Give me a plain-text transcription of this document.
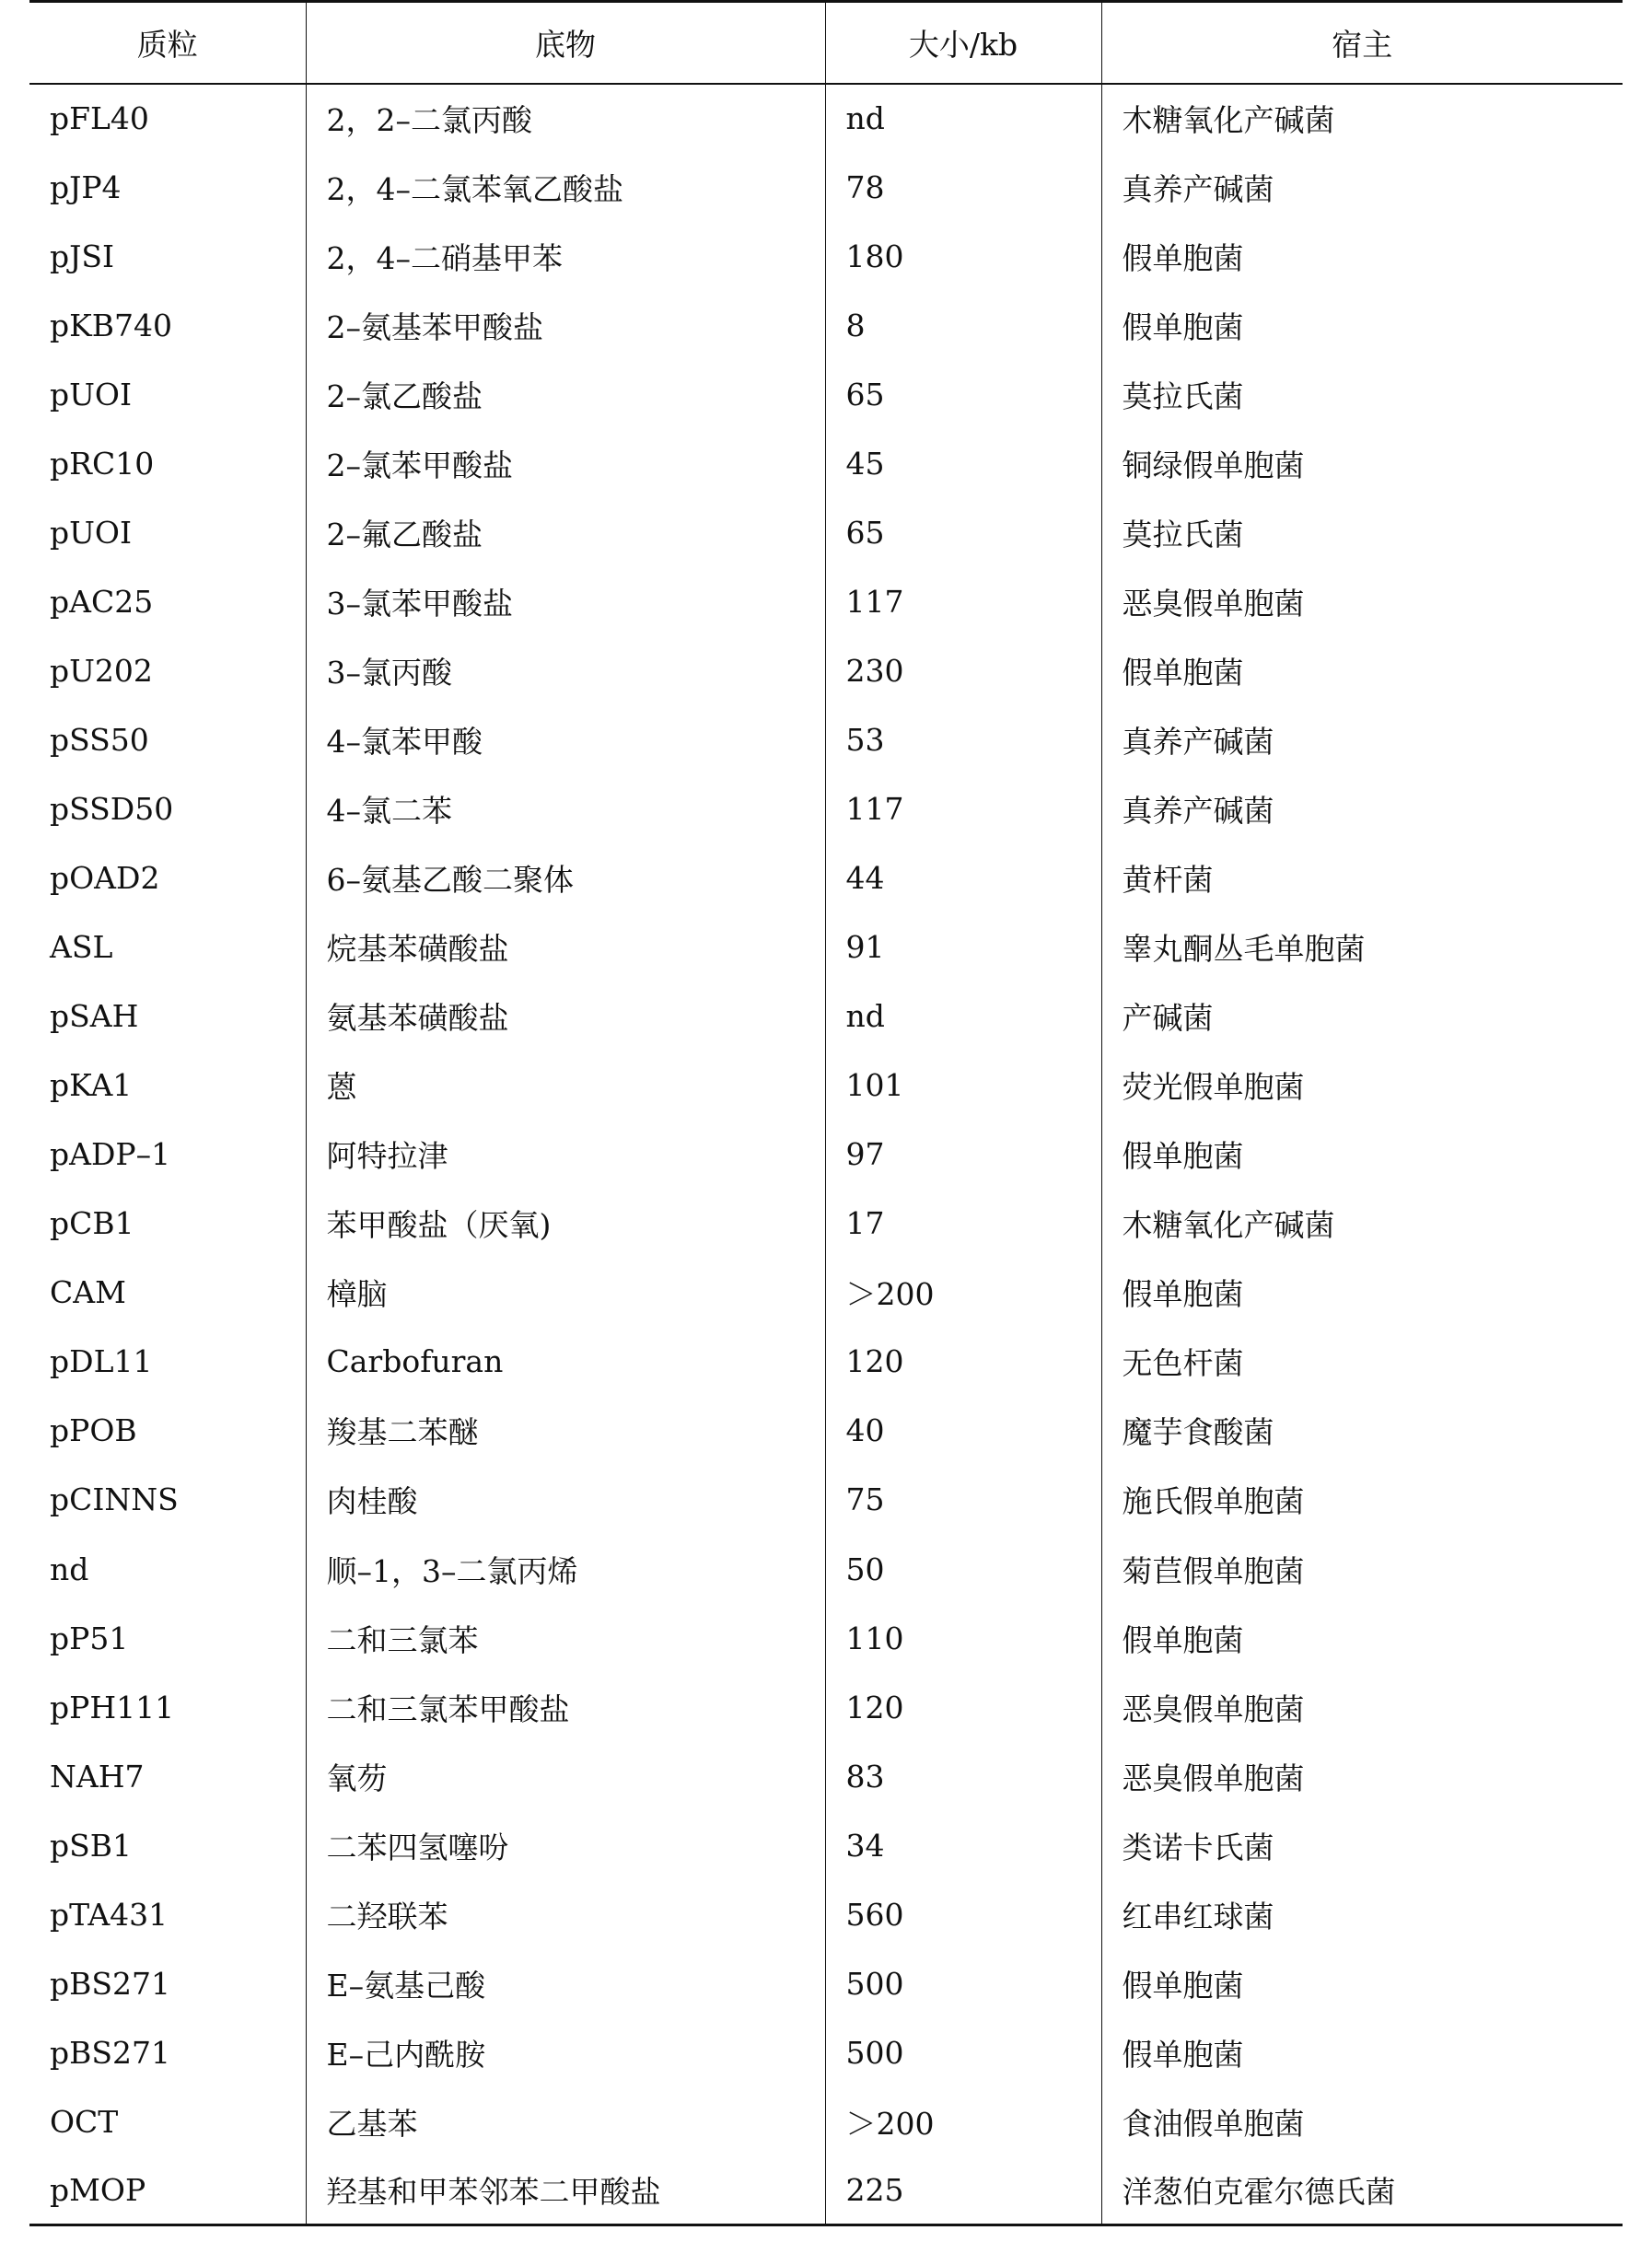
质粒	底物	大小/kb	宿主
pFL40	2，2–二氯丙酸	nd	木糖氧化产碱菌
pJP4	2，4–二氯苯氧乙酸盐	78	真养产碱菌
pJSI	2，4–二硝基甲苯	180	假单胞菌
pKB740	2–氨基苯甲酸盐	8	假单胞菌
pUOI	2–氯乙酸盐	65	莫拉氏菌
pRC10	2–氯苯甲酸盐	45	铜绿假单胞菌
pUOI	2–氟乙酸盐	65	莫拉氏菌
pAC25	3–氯苯甲酸盐	117	恶臭假单胞菌
pU202	3–氯丙酸	230	假单胞菌
pSS50	4–氯苯甲酸	53	真养产碱菌
pSSD50	4–氯二苯	117	真养产碱菌
pOAD2	6–氨基乙酸二聚体	44	黄杆菌
ASL	烷基苯磺酸盐	91	睾丸酮丛毛单胞菌
pSAH	氨基苯磺酸盐	nd	产碱菌
pKA1	蒽	101	荧光假单胞菌
pADP–1	阿特拉津	97	假单胞菌
pCB1	苯甲酸盐（厌氧)	17	木糖氧化产碱菌
CAM	樟脑	＞200	假单胞菌
pDL11	Carbofuran	120	无色杆菌
pPOB	羧基二苯醚	40	魔芋食酸菌
pCINNS	肉桂酸	75	施氏假单胞菌
nd	顺–1，3–二氯丙烯	50	菊苣假单胞菌
pP51	二和三氯苯	110	假单胞菌
pPH111	二和三氯苯甲酸盐	120	恶臭假单胞菌
NAH7	氧芴	83	恶臭假单胞菌
pSB1	二苯四氢噻吩	34	类诺卡氏菌
pTA431	二羟联苯	560	红串红球菌
pBS271	E–氨基己酸	500	假单胞菌
pBS271	E–己内酰胺	500	假单胞菌
OCT	乙基苯	＞200	食油假单胞菌
pMOP	羟基和甲苯邻苯二甲酸盐	225	洋葱伯克霍尔德氏菌
